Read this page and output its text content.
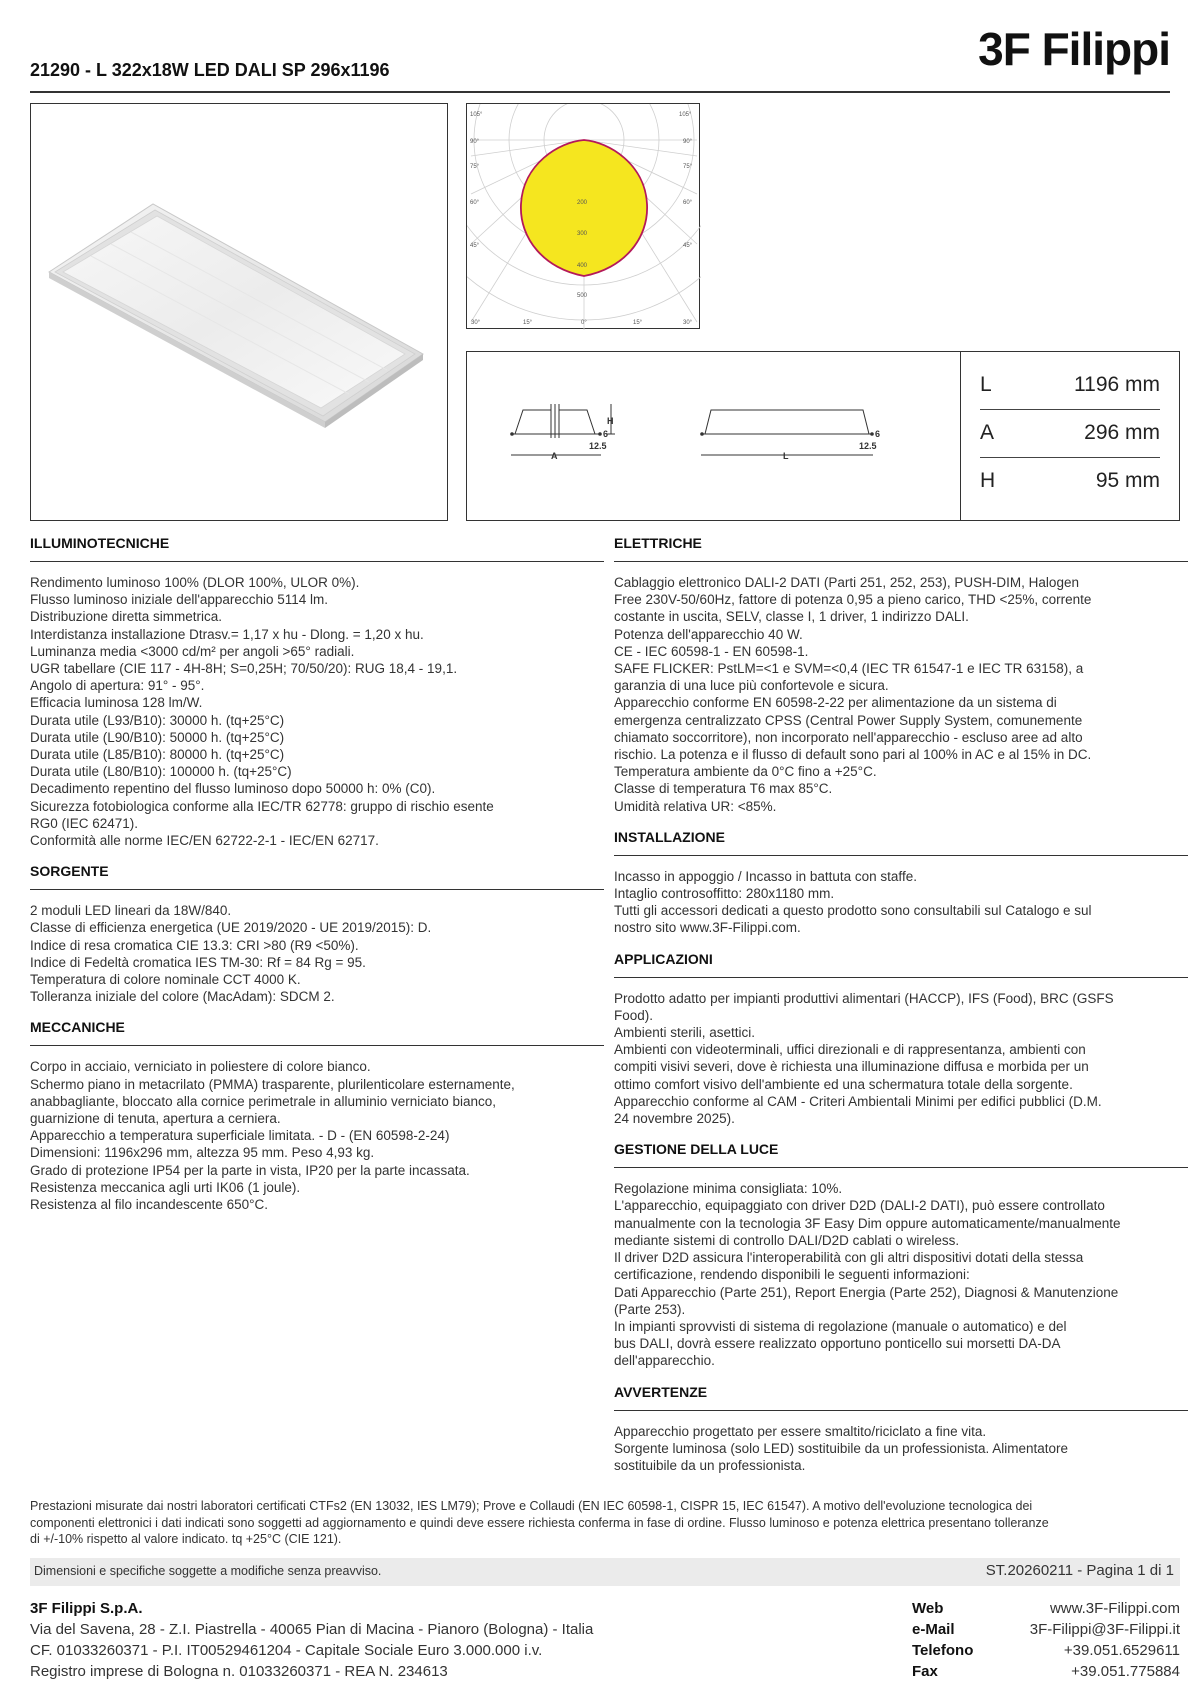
21290 - L 322x18W LED DALI SP 296x1196	3F Filippi
105°	105°
90°
75°
60°
45°
90°
75°
60°
45°
30°	15°	0°	15°	30°
200
300
400
500
H
6
12.5
A
6
12.5
L
L	1196 mm
A	296 mm
H	95 mm
ILLUMINOTECNICHE
Rendimento luminoso 100% (DLOR 100%, ULOR 0%).
Flusso luminoso iniziale dell'apparecchio 5114 lm.
Distribuzione diretta simmetrica.
Interdistanza installazione Dtrasv.= 1,17 x hu - Dlong. = 1,20 x hu.
Luminanza media <3000 cd/m² per angoli >65° radiali.
UGR tabellare (CIE 117 - 4H-8H; S=0,25H; 70/50/20): RUG 18,4 - 19,1.
Angolo di apertura: 91° - 95°.
Efficacia luminosa 128 lm/W.
Durata utile (L93/B10): 30000 h. (tq+25°C)
Durata utile (L90/B10): 50000 h. (tq+25°C)
Durata utile (L85/B10): 80000 h. (tq+25°C)
Durata utile (L80/B10): 100000 h. (tq+25°C)
Decadimento repentino del flusso luminoso dopo 50000 h: 0% (C0).
Sicurezza fotobiologica conforme alla IEC/TR 62778: gruppo di rischio esente
RG0 (IEC 62471).
Conformità alle norme IEC/EN 62722-2-1 - IEC/EN 62717.
SORGENTE
2 moduli LED lineari da 18W/840.
Classe di efficienza energetica (UE 2019/2020 - UE 2019/2015): D.
Indice di resa cromatica CIE 13.3: CRI >80 (R9 <50%).
Indice di Fedeltà cromatica IES TM-30: Rf = 84 Rg = 95.
Temperatura di colore nominale CCT 4000 K.
Tolleranza iniziale del colore (MacAdam): SDCM 2.
MECCANICHE
Corpo in acciaio, verniciato in poliestere di colore bianco.
Schermo piano in metacrilato (PMMA) trasparente, plurilenticolare esternamente,
anabbagliante, bloccato alla cornice perimetrale in alluminio verniciato bianco,
guarnizione di tenuta, apertura a cerniera.
Apparecchio a temperatura superficiale limitata. - D - (EN 60598-2-24)
Dimensioni: 1196x296 mm, altezza 95 mm. Peso 4,93 kg.
Grado di protezione IP54 per la parte in vista, IP20 per la parte incassata.
Resistenza meccanica agli urti IK06 (1 joule).
Resistenza al filo incandescente 650°C.
ELETTRICHE
Cablaggio elettronico DALI-2 DATI (Parti 251, 252, 253), PUSH-DIM, Halogen
Free 230V-50/60Hz, fattore di potenza 0,95 a pieno carico, THD <25%, corrente
costante in uscita, SELV, classe I, 1 driver, 1 indirizzo DALI.
Potenza dell'apparecchio 40 W.
CE - IEC 60598-1 - EN 60598-1.
SAFE FLICKER: PstLM=<1 e SVM=<0,4 (IEC TR 61547-1 e IEC TR 63158), a
garanzia di una luce più confortevole e sicura.
Apparecchio conforme EN 60598-2-22 per alimentazione da un sistema di
emergenza centralizzato CPSS (Central Power Supply System, comunemente
chiamato soccorritore), non incorporato nell'apparecchio - escluso aree ad alto
rischio. La potenza e il flusso di default sono pari al 100% in AC e al 15% in DC.
Temperatura ambiente da 0°C fino a +25°C.
Classe di temperatura T6 max 85°C.
Umidità relativa UR: <85%.
INSTALLAZIONE
Incasso in appoggio / Incasso in battuta con staffe.
Intaglio controsoffitto: 280x1180 mm.
Tutti gli accessori dedicati a questo prodotto sono consultabili sul Catalogo e sul
nostro sito www.3F-Filippi.com.
APPLICAZIONI
Prodotto adatto per impianti produttivi alimentari (HACCP), IFS (Food), BRC (GSFS
Food).
Ambienti sterili, asettici.
Ambienti con videoterminali, uffici direzionali e di rappresentanza, ambienti con
compiti visivi severi, dove è richiesta una illuminazione diffusa e morbida per un
ottimo comfort visivo dell'ambiente ed una schermatura totale della sorgente.
Apparecchio conforme al CAM - Criteri Ambientali Minimi per edifici pubblici (D.M.
24 novembre 2025).
GESTIONE DELLA LUCE
Regolazione minima consigliata: 10%.
L'apparecchio, equipaggiato con driver D2D (DALI-2 DATI), può essere controllato
manualmente con la tecnologia 3F Easy Dim oppure automaticamente/manualmente
mediante sistemi di controllo DALI/D2D cablati o wireless.
Il driver D2D assicura l'interoperabilità con gli altri dispositivi dotati della stessa
certificazione, rendendo disponibili le seguenti informazioni:
Dati Apparecchio (Parte 251), Report Energia (Parte 252), Diagnosi & Manutenzione
(Parte 253).
In impianti sprovvisti di sistema di regolazione (manuale o automatico) e del
bus DALI, dovrà essere realizzato opportuno ponticello sui morsetti DA-DA
dell'apparecchio.
AVVERTENZE
Apparecchio progettato per essere smaltito/riciclato a fine vita.
Sorgente luminosa (solo LED) sostituibile da un professionista. Alimentatore
sostituibile da un professionista.
Prestazioni misurate dai nostri laboratori certificati CTFs2 (EN 13032, IES LM79); Prove e Collaudi (EN IEC 60598-1, CISPR 15, IEC 61547). A motivo dell'evoluzione tecnologica dei
componenti elettronici i dati indicati sono soggetti ad aggiornamento e quindi deve essere richiesta conferma in fase di ordine. Flusso luminoso e potenza elettrica presentano tolleranze
di +/-10% rispetto al valore indicato. tq +25°C (CIE 121).
Dimensioni e specifiche soggette a modifiche senza preavviso.	ST.20260211 - Pagina 1 di 1
3F Filippi S.p.A.
Via del Savena, 28 - Z.I. Piastrella - 40065 Pian di Macina - Pianoro (Bologna) - Italia
CF. 01033260371 - P.I. IT00529461204 - Capitale Sociale Euro 3.000.000 i.v.
Registro imprese di Bologna n. 01033260371 - REA N. 234613
Web	www.3F-Filippi.com
e-Mail	3F-Filippi@3F-Filippi.it
Telefono	+39.051.6529611
Fax	+39.051.775884
